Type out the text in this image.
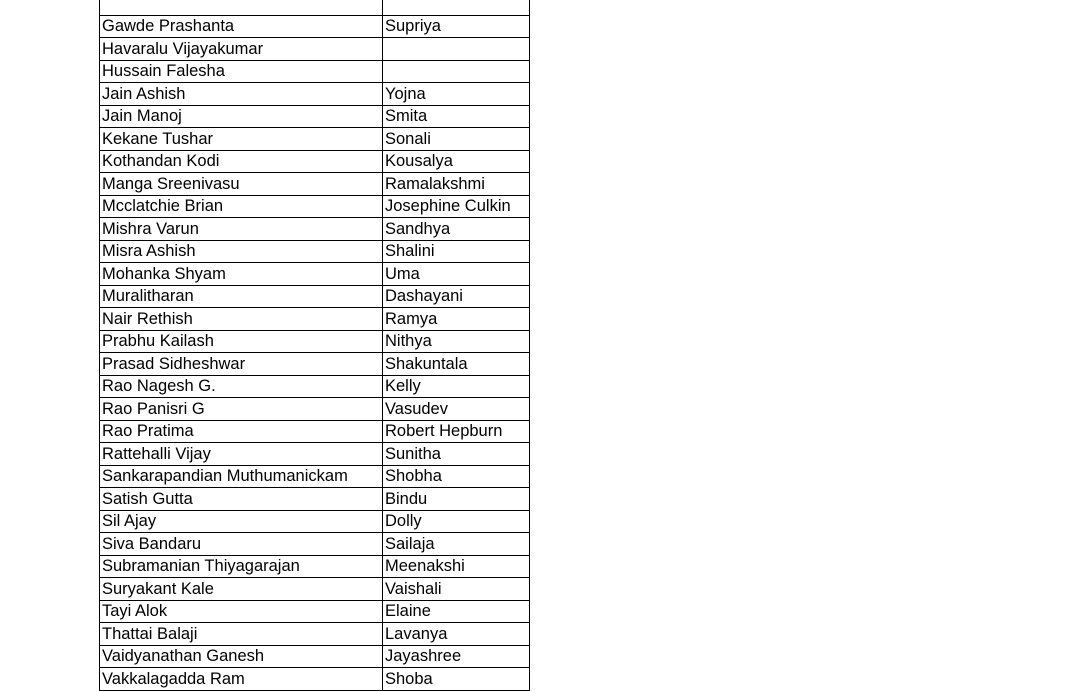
Gawde Prashanta	Supriya
Havaralu Vijayakumar	
Hussain Falesha	
Jain Ashish	Yojna
Jain Manoj	Smita
Kekane Tushar	Sonali
Kothandan Kodi	Kousalya
Manga Sreenivasu	Ramalakshmi
Mcclatchie Brian	Josephine Culkin
Mishra Varun	Sandhya
Misra Ashish	Shalini
Mohanka Shyam	Uma
Muralitharan	Dashayani
Nair Rethish	Ramya
Prabhu Kailash	Nithya
Prasad Sidheshwar	Shakuntala
Rao Nagesh G.	Kelly
Rao Panisri G	Vasudev
Rao Pratima	Robert Hepburn
Rattehalli Vijay	Sunitha
Sankarapandian Muthumanickam	Shobha
Satish Gutta	Bindu
Sil Ajay	Dolly
Siva Bandaru	Sailaja
Subramanian Thiyagarajan	Meenakshi
Suryakant Kale	Vaishali
Tayi Alok	Elaine
Thattai Balaji	Lavanya
Vaidyanathan Ganesh	Jayashree
Vakkalagadda Ram	Shoba
